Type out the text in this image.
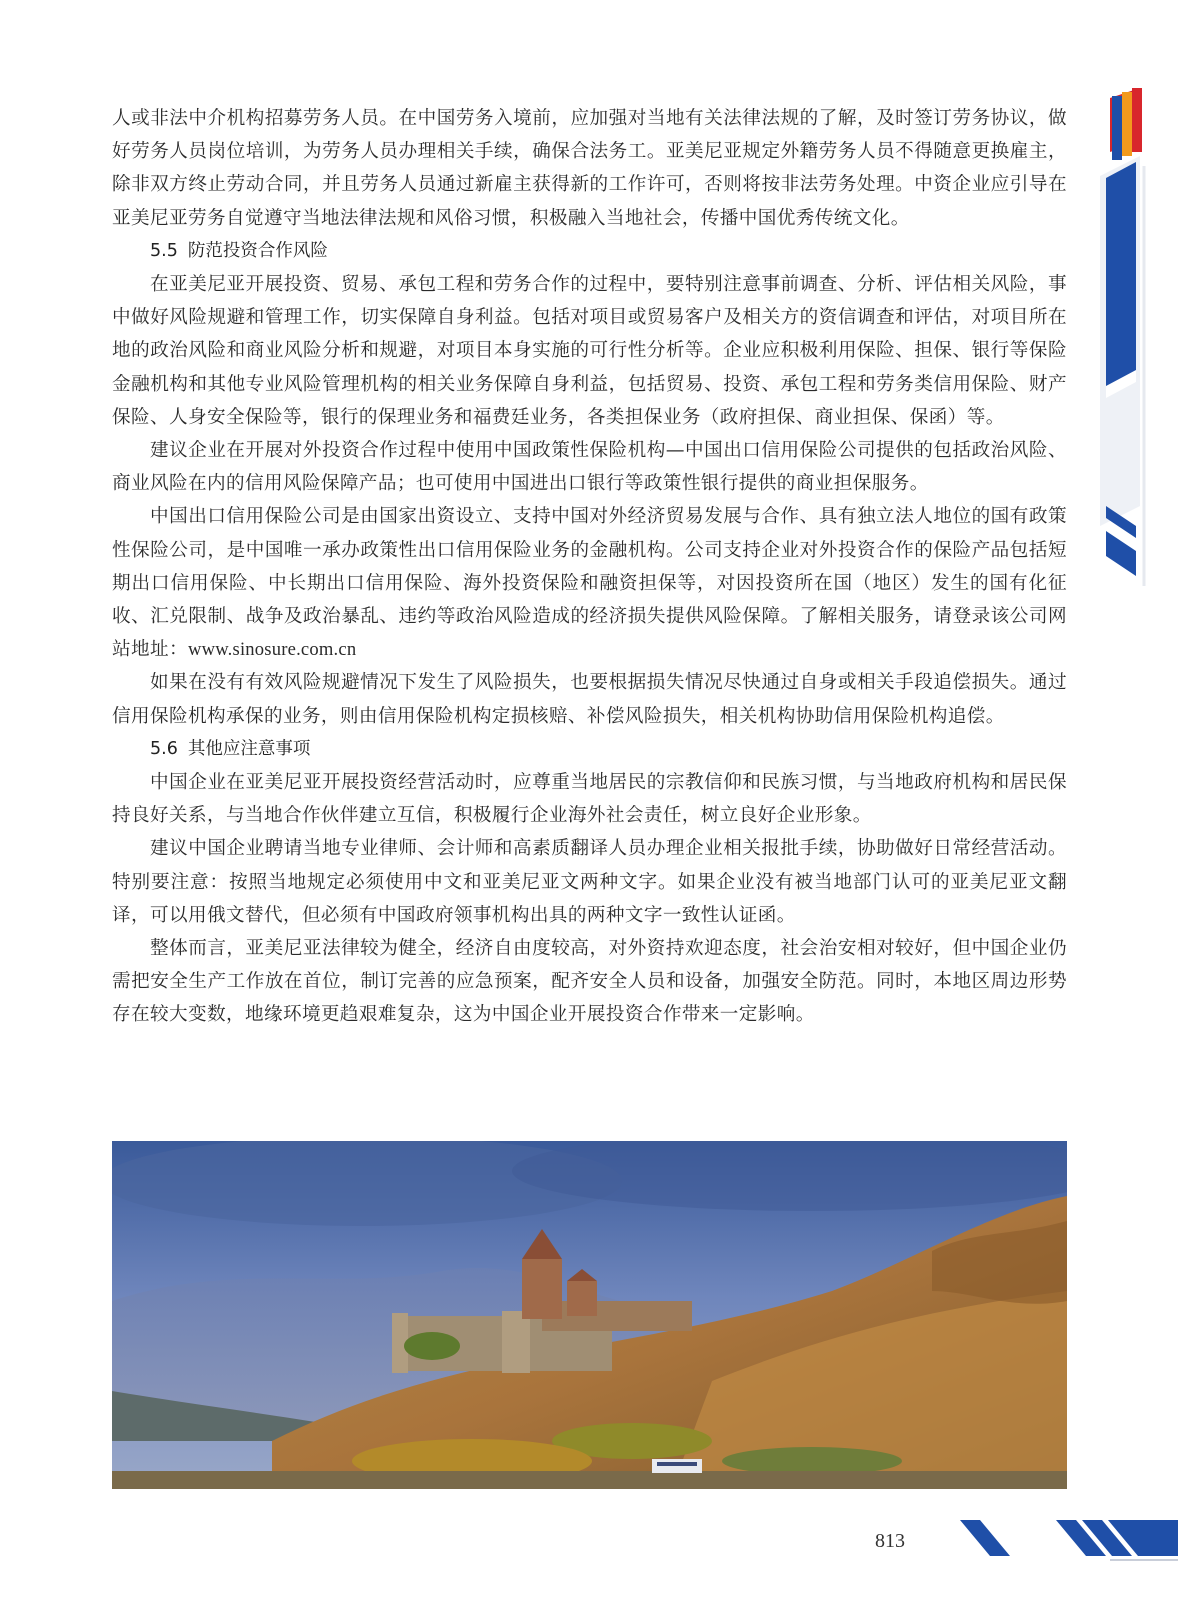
人或非法中介机构招募劳务人员。在中国劳务入境前，应加强对当地有关法律法规的了解，及时签订劳务协议，做好劳务人员岗位培训，为劳务人员办理相关手续，确保合法务工。亚美尼亚规定外籍劳务人员不得随意更换雇主，除非双方终止劳动合同，并且劳务人员通过新雇主获得新的工作许可，否则将按非法劳务处理。中资企业应引导在亚美尼亚劳务自觉遵守当地法律法规和风俗习惯，积极融入当地社会，传播中国优秀传统文化。

5.5 防范投资合作风险

在亚美尼亚开展投资、贸易、承包工程和劳务合作的过程中，要特别注意事前调查、分析、评估相关风险，事中做好风险规避和管理工作，切实保障自身利益。包括对项目或贸易客户及相关方的资信调查和评估，对项目所在地的政治风险和商业风险分析和规避，对项目本身实施的可行性分析等。企业应积极利用保险、担保、银行等保险金融机构和其他专业风险管理机构的相关业务保障自身利益，包括贸易、投资、承包工程和劳务类信用保险、财产保险、人身安全保险等，银行的保理业务和福费廷业务，各类担保业务（政府担保、商业担保、保函）等。

建议企业在开展对外投资合作过程中使用中国政策性保险机构—中国出口信用保险公司提供的包括政治风险、商业风险在内的信用风险保障产品；也可使用中国进出口银行等政策性银行提供的商业担保服务。

中国出口信用保险公司是由国家出资设立、支持中国对外经济贸易发展与合作、具有独立法人地位的国有政策性保险公司，是中国唯一承办政策性出口信用保险业务的金融机构。公司支持企业对外投资合作的保险产品包括短期出口信用保险、中长期出口信用保险、海外投资保险和融资担保等，对因投资所在国（地区）发生的国有化征收、汇兑限制、战争及政治暴乱、违约等政治风险造成的经济损失提供风险保障。了解相关服务，请登录该公司网站地址：www.sinosure.com.cn

如果在没有有效风险规避情况下发生了风险损失，也要根据损失情况尽快通过自身或相关手段追偿损失。通过信用保险机构承保的业务，则由信用保险机构定损核赔、补偿风险损失，相关机构协助信用保险机构追偿。

5.6 其他应注意事项

中国企业在亚美尼亚开展投资经营活动时，应尊重当地居民的宗教信仰和民族习惯，与当地政府机构和居民保持良好关系，与当地合作伙伴建立互信，积极履行企业海外社会责任，树立良好企业形象。

建议中国企业聘请当地专业律师、会计师和高素质翻译人员办理企业相关报批手续，协助做好日常经营活动。特别要注意：按照当地规定必须使用中文和亚美尼亚文两种文字。如果企业没有被当地部门认可的亚美尼亚文翻译，可以用俄文替代，但必须有中国政府领事机构出具的两种文字一致性认证函。

整体而言，亚美尼亚法律较为健全，经济自由度较高，对外资持欢迎态度，社会治安相对较好，但中国企业仍需把安全生产工作放在首位，制订完善的应急预案，配齐安全人员和设备，加强安全防范。同时，本地区周边形势存在较大变数，地缘环境更趋艰难复杂，这为中国企业开展投资合作带来一定影响。

813
